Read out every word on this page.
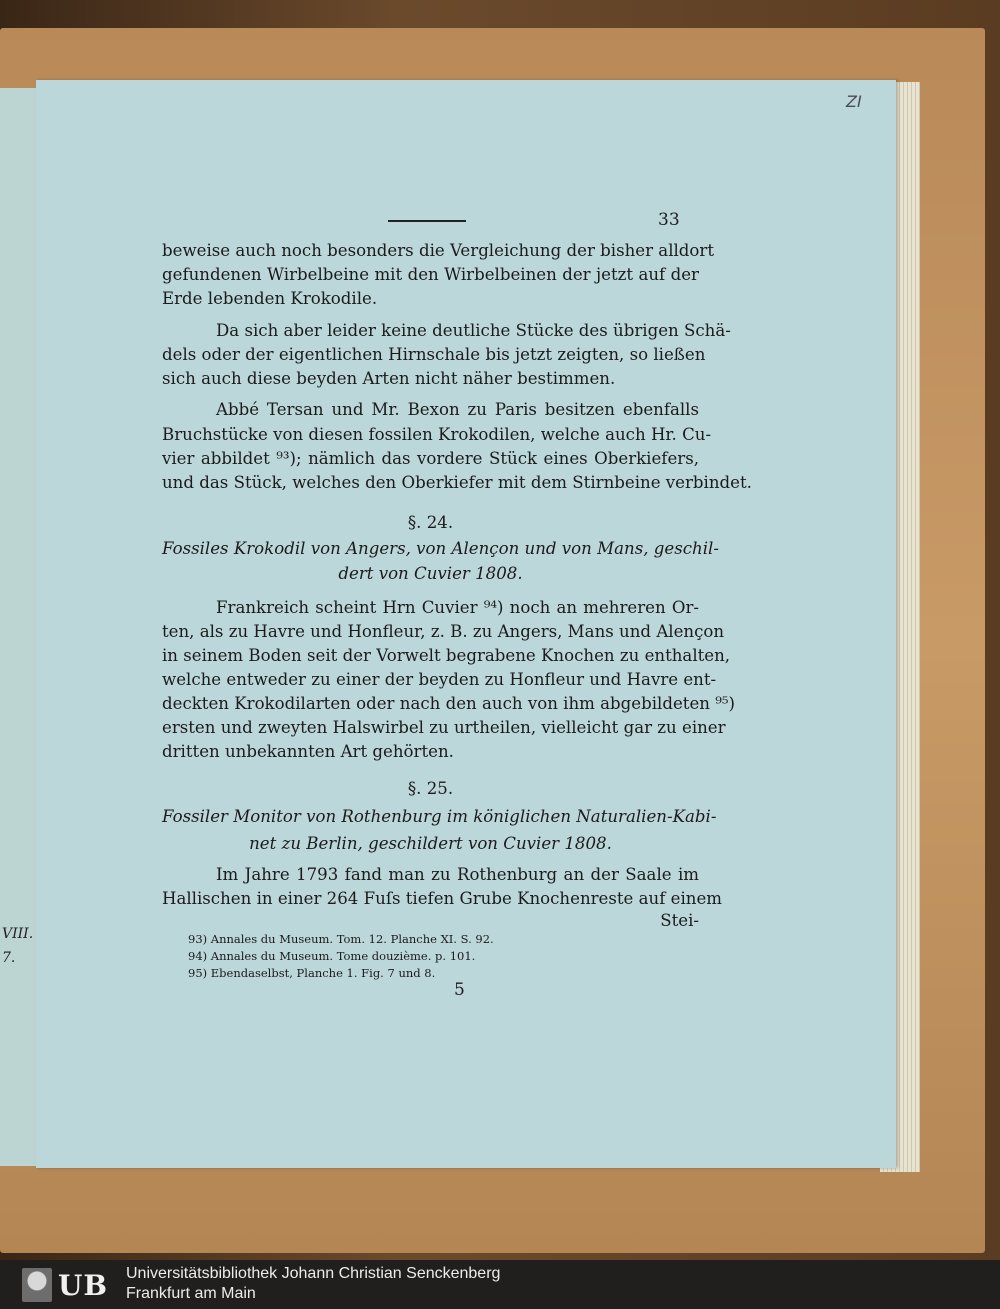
VIII.
7.
ZI
33

beweise auch noch besonders die Vergleichung der bisher alldort

gefundenen Wirbelbeine mit den Wirbelbeinen der jetzt auf der

Erde lebenden Krokodile.

Da sich aber leider keine deutliche Stücke des übrigen Schä-

dels oder der eigentlichen Hirnschale bis jetzt zeigten, so ließen

sich auch diese beyden Arten nicht näher bestimmen.

Abbé Tersan und Mr. Bexon zu Paris besitzen ebenfalls

Bruchstücke von diesen fossilen Krokodilen, welche auch Hr. Cu-

vier abbildet ⁹³); nämlich das vordere Stück eines Oberkiefers,

und das Stück, welches den Oberkiefer mit dem Stirnbeine verbindet.

§. 24.

Fossiles Krokodil von Angers, von Alençon und von Mans, geschil-

dert von Cuvier 1808.

Frankreich scheint Hrn Cuvier ⁹⁴) noch an mehreren Or-

ten, als zu Havre und Honfleur, z. B. zu Angers, Mans und Alençon

in seinem Boden seit der Vorwelt begrabene Knochen zu enthalten,

welche entweder zu einer der beyden zu Honfleur und Havre ent-

deckten Krokodilarten oder nach den auch von ihm abgebildeten ⁹⁵)

ersten und zweyten Halswirbel zu urtheilen, vielleicht gar zu einer

dritten unbekannten Art gehörten.

§. 25.

Fossiler Monitor von Rothenburg im königlichen Naturalien-Kabi-

net zu Berlin, geschildert von Cuvier 1808.

Im Jahre 1793 fand man zu Rothenburg an der Saale im

Hallischen in einer 264 Fuſs tiefen Grube Knochenreste auf einem

Stei-

93) Annales du Museum. Tom. 12. Planche XI. S. 92.
94) Annales du Museum. Tome douzième. p. 101.
95) Ebendaselbst, Planche 1. Fig. 7 und 8.
5
UB Universitätsbibliothek Johann Christian Senckenberg
Frankfurt am Main
